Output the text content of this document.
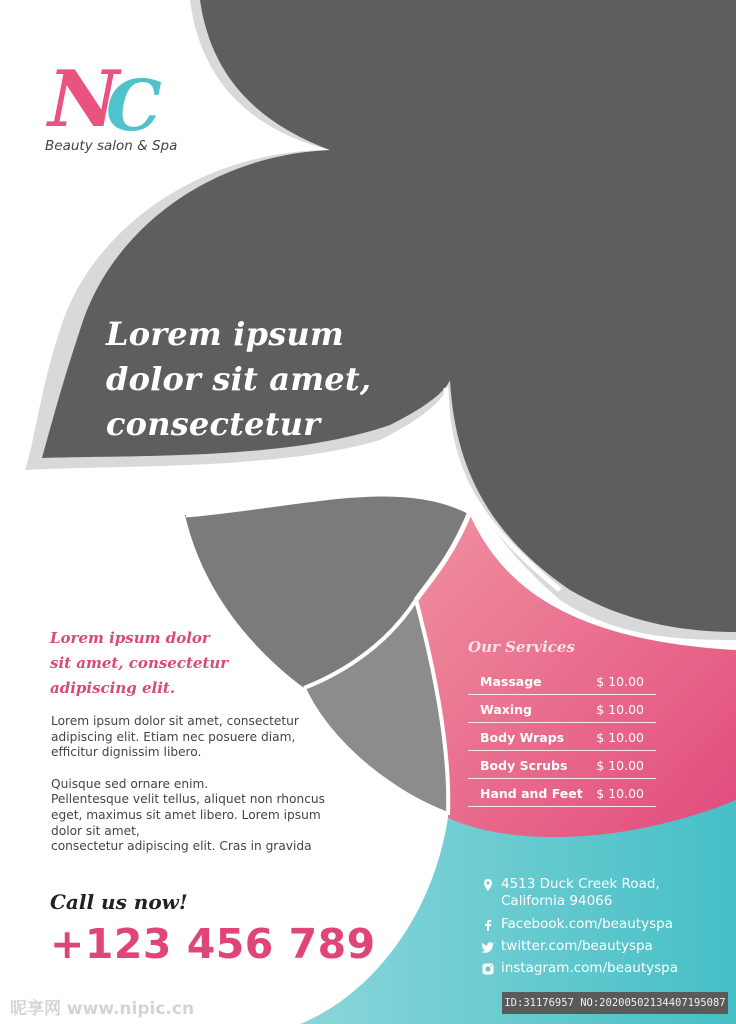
N
C
Beauty salon & Spa
Lorem ipsum
dolor sit amet,
consectetur
Lorem ipsum dolor
sit amet, consectetur
adipiscing elit.

Lorem ipsum dolor sit amet, consectetur
adipiscing elit. Etiam nec posuere diam,
efficitur dignissim libero.

Quisque sed ornare enim.
Pellentesque velit tellus, aliquet non rhoncus
eget, maximus sit amet libero. Lorem ipsum
dolor sit amet,
consectetur adipiscing elit. Cras in gravida

Call us now!
+123 456 789
Our Services
Massage	$ 10.00
Waxing	$ 10.00
Body Wraps	$ 10.00
Body Scrubs $ 10.00
Hand and Feet $ 10.00
4513 Duck Creek Road,
California 94066
Facebook.com/beautyspa
twitter.com/beautyspa
instagram.com/beautyspa
昵享网 www.nipic.cn	ID:31176957 NO:20200502134407195087
